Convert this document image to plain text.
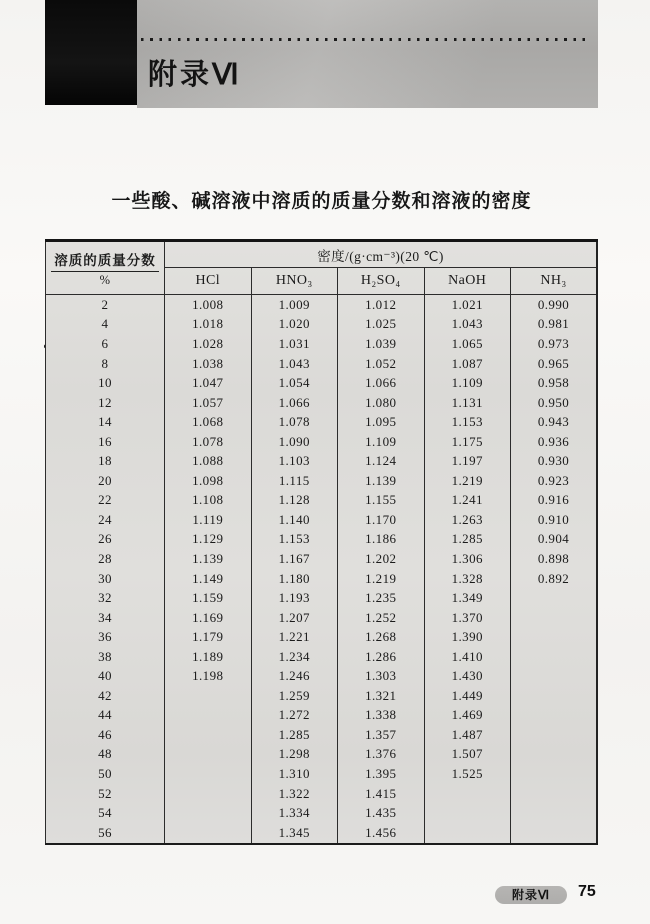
附录Ⅵ
一些酸、碱溶液中溶质的质量分数和溶液的密度
$\frac{\text{溶质的质量分数}}{\%}$	密度/(g·cm⁻³)(20 ℃)				
	HCl	HNO₃	H₂SO₄	NaOH	NH₃
2	1.008	1.009	1.012	1.021	0.990
4	1.018	1.020	1.025	1.043	0.981
6	1.028	1.031	1.039	1.065	0.973
8	1.038	1.043	1.052	1.087	0.965
10	1.047	1.054	1.066	1.109	0.958
12	1.057	1.066	1.080	1.131	0.950
14	1.068	1.078	1.095	1.153	0.943
16	1.078	1.090	1.109	1.175	0.936
18	1.088	1.103	1.124	1.197	0.930
20	1.098	1.115	1.139	1.219	0.923
22	1.108	1.128	1.155	1.241	0.916
24	1.119	1.140	1.170	1.263	0.910
26	1.129	1.153	1.186	1.285	0.904
28	1.139	1.167	1.202	1.306	0.898
30	1.149	1.180	1.219	1.328	0.892
32	1.159	1.193	1.235	1.349	
34	1.169	1.207	1.252	1.370	
36	1.179	1.221	1.268	1.390	
38	1.189	1.234	1.286	1.410	
40	1.198	1.246	1.303	1.430	
42		1.259	1.321	1.449	
44		1.272	1.338	1.469	
46		1.285	1.357	1.487	
48		1.298	1.376	1.507	
50		1.310	1.395	1.525	
52		1.322	1.415		
54		1.334	1.435		
56		1.345	1.456		
附录Ⅵ	75
